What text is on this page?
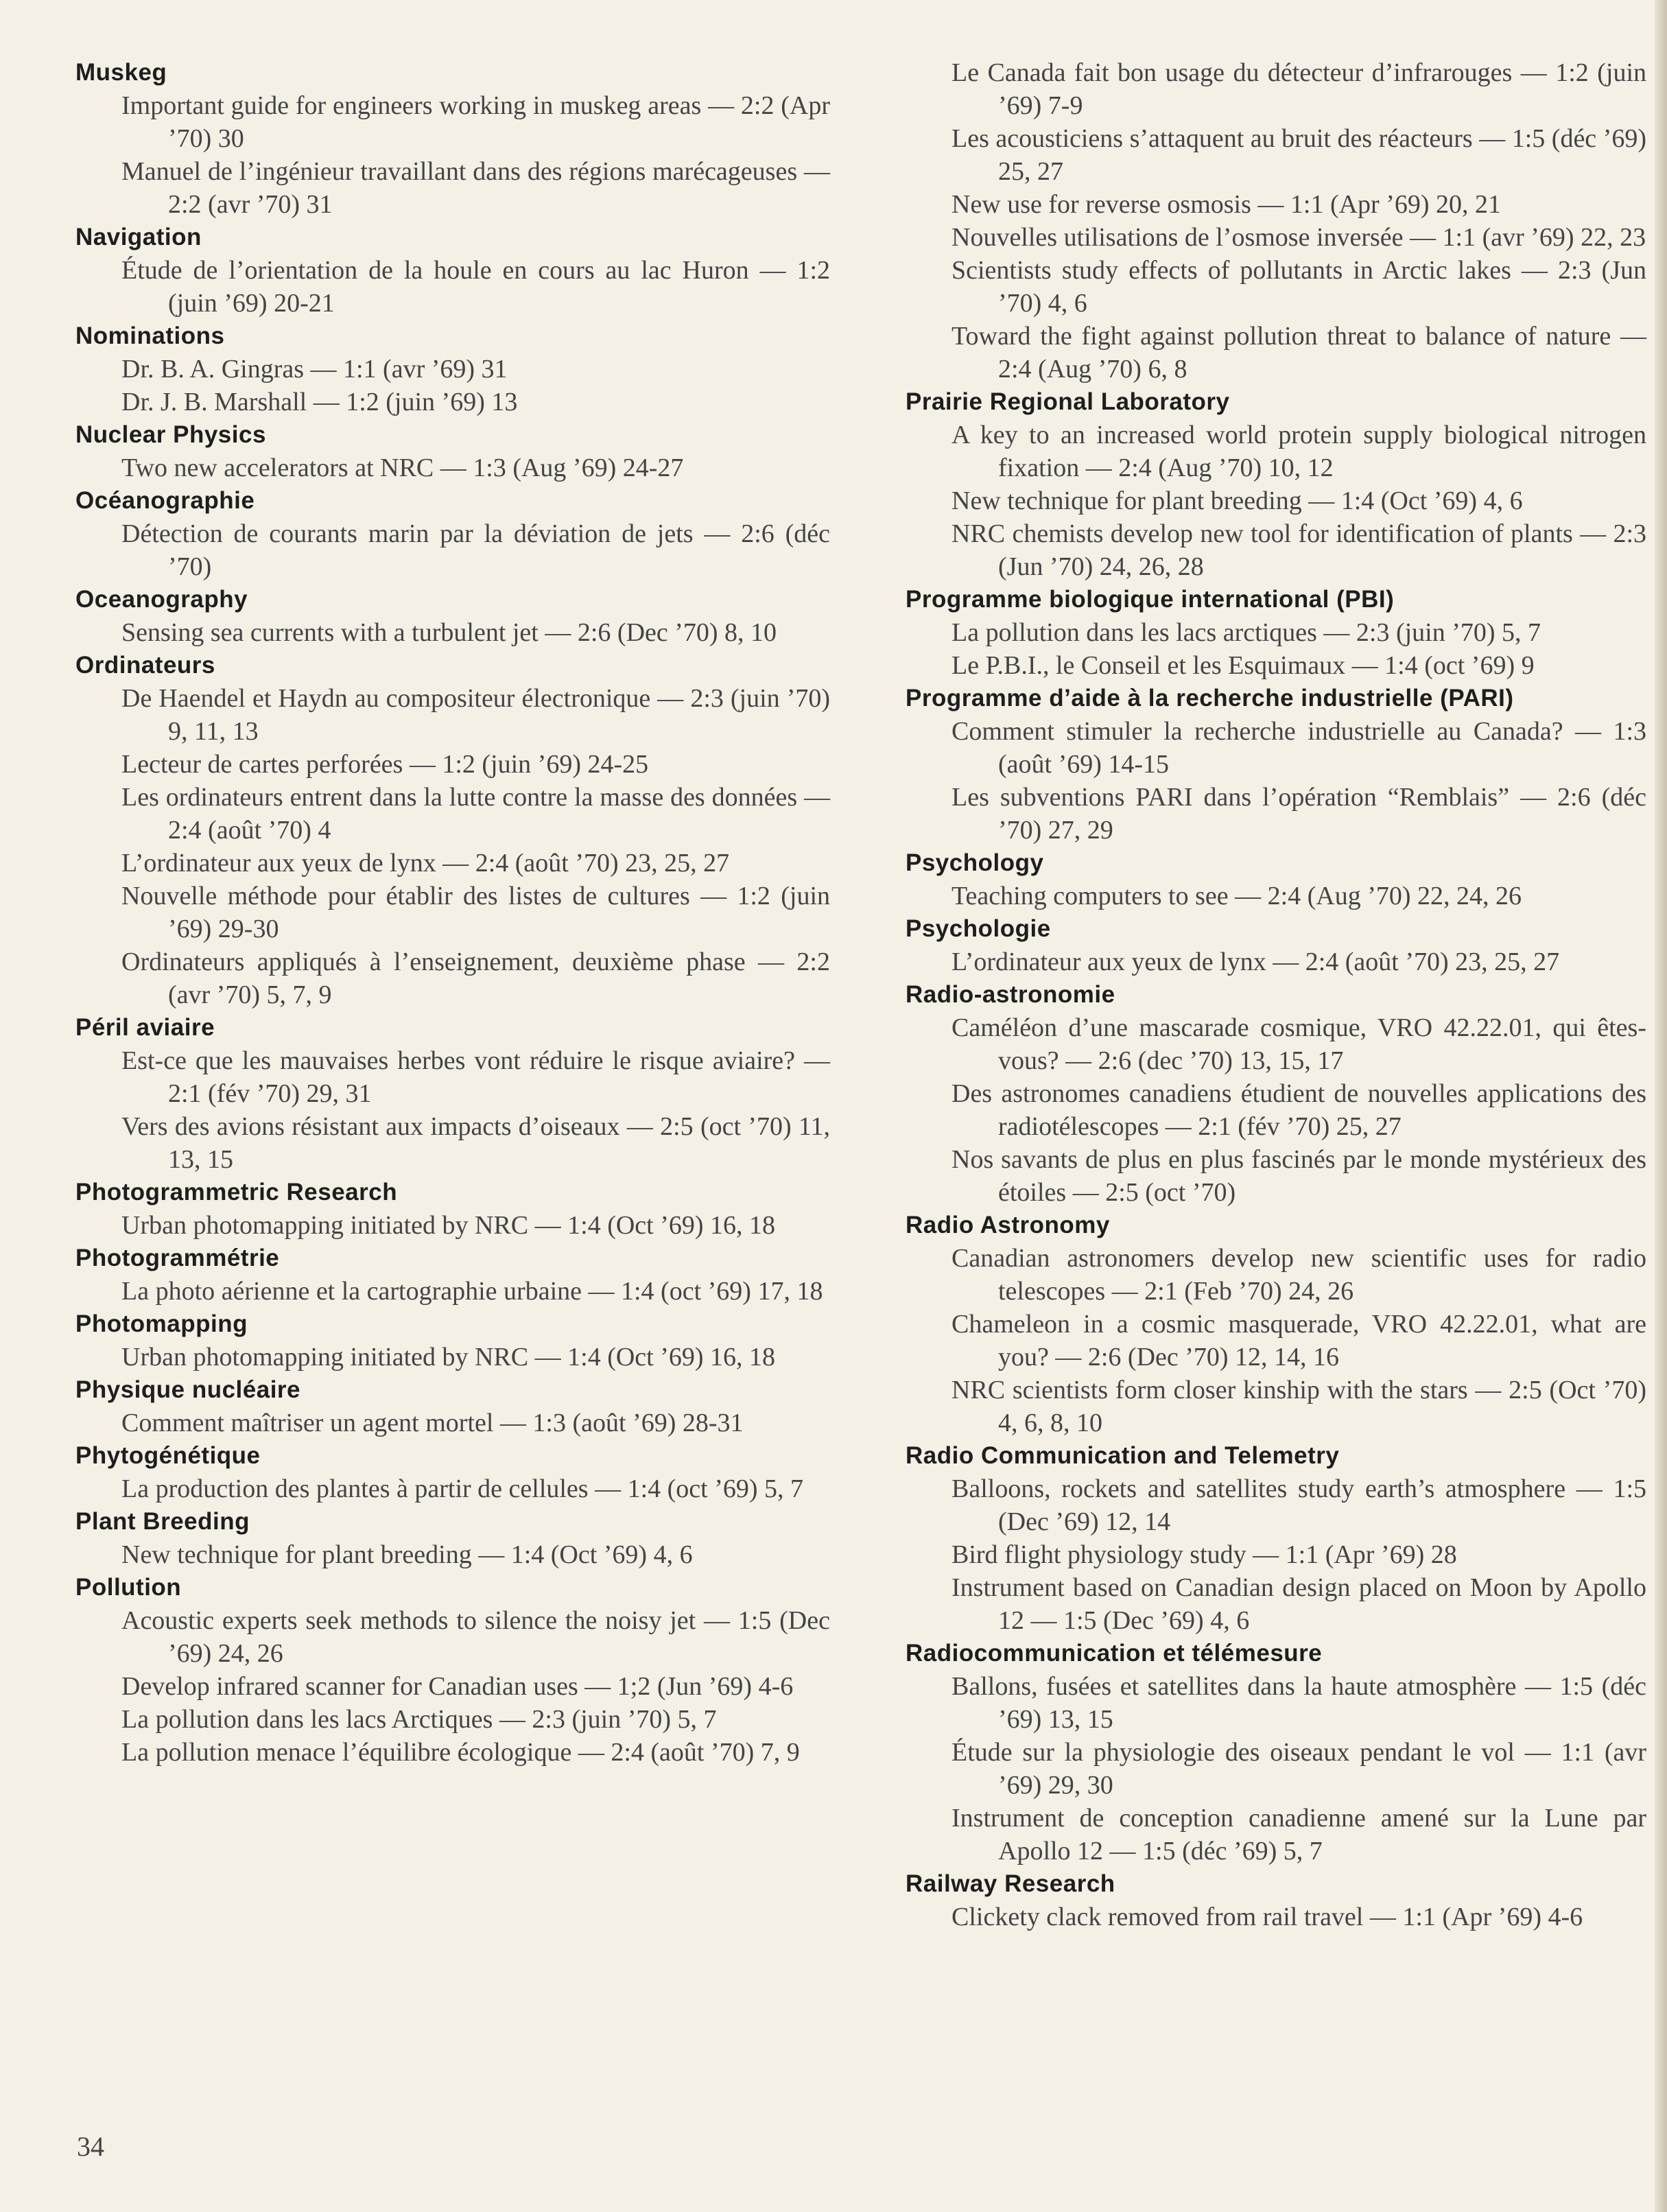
Muskeg
Important guide for engineers working in muskeg areas — 2:2 (Apr ’70) 30
Manuel de l’ingénieur travaillant dans des régions marécageuses — 2:2 (avr ’70) 31
Navigation
Étude de l’orientation de la houle en cours au lac Huron — 1:2 (juin ’69) 20-21
Nominations
Dr. B. A. Gingras — 1:1 (avr ’69) 31
Dr. J. B. Marshall — 1:2 (juin ’69) 13
Nuclear Physics
Two new accelerators at NRC — 1:3 (Aug ’69) 24-27
Océanographie
Détection de courants marin par la déviation de jets — 2:6 (déc ’70)
Oceanography
Sensing sea currents with a turbulent jet — 2:6 (Dec ’70) 8, 10
Ordinateurs
De Haendel et Haydn au compositeur électronique — 2:3 (juin ’70) 9, 11, 13
Lecteur de cartes perforées — 1:2 (juin ’69) 24-25
Les ordinateurs entrent dans la lutte contre la masse des données — 2:4 (août ’70) 4
L’ordinateur aux yeux de lynx — 2:4 (août ’70) 23, 25, 27
Nouvelle méthode pour établir des listes de cultures — 1:2 (juin ’69) 29-30
Ordinateurs appliqués à l’enseignement, deuxième phase — 2:2 (avr ’70) 5, 7, 9
Péril aviaire
Est-ce que les mauvaises herbes vont réduire le risque aviaire? — 2:1 (fév ’70) 29, 31
Vers des avions résistant aux impacts d’oiseaux — 2:5 (oct ’70) 11, 13, 15
Photogrammetric Research
Urban photomapping initiated by NRC — 1:4 (Oct ’69) 16, 18
Photogrammétrie
La photo aérienne et la cartographie urbaine — 1:4 (oct ’69) 17, 18
Photomapping
Urban photomapping initiated by NRC — 1:4 (Oct ’69) 16, 18
Physique nucléaire
Comment maîtriser un agent mortel — 1:3 (août ’69) 28-31
Phytogénétique
La production des plantes à partir de cellules — 1:4 (oct ’69) 5, 7
Plant Breeding
New technique for plant breeding — 1:4 (Oct ’69) 4, 6
Pollution
Acoustic experts seek methods to silence the noisy jet — 1:5 (Dec ’69) 24, 26
Develop infrared scanner for Canadian uses — 1;2 (Jun ’69) 4-6
La pollution dans les lacs Arctiques — 2:3 (juin ’70) 5, 7
La pollution menace l’équilibre écologique — 2:4 (août ’70) 7, 9
Le Canada fait bon usage du détecteur d’infrarouges — 1:2 (juin ’69) 7-9
Les acousticiens s’attaquent au bruit des réacteurs — 1:5 (déc ’69) 25, 27
New use for reverse osmosis — 1:1 (Apr ’69) 20, 21
Nouvelles utilisations de l’osmose inversée — 1:1 (avr ’69) 22, 23
Scientists study effects of pollutants in Arctic lakes — 2:3 (Jun ’70) 4, 6
Toward the fight against pollution threat to balance of nature — 2:4 (Aug ’70) 6, 8
Prairie Regional Laboratory
A key to an increased world protein supply biological nitrogen fixation — 2:4 (Aug ’70) 10, 12
New technique for plant breeding — 1:4 (Oct ’69) 4, 6
NRC chemists develop new tool for identification of plants — 2:3 (Jun ’70) 24, 26, 28
Programme biologique international (PBI)
La pollution dans les lacs arctiques — 2:3 (juin ’70) 5, 7
Le P.B.I., le Conseil et les Esquimaux — 1:4 (oct ’69) 9
Programme d’aide à la recherche industrielle (PARI)
Comment stimuler la recherche industrielle au Canada? — 1:3 (août ’69) 14-15
Les subventions PARI dans l’opération “Remblais” — 2:6 (déc ’70) 27, 29
Psychology
Teaching computers to see — 2:4 (Aug ’70) 22, 24, 26
Psychologie
L’ordinateur aux yeux de lynx — 2:4 (août ’70) 23, 25, 27
Radio-astronomie
Caméléon d’une mascarade cosmique, VRO 42.22.01, qui êtes-vous? — 2:6 (dec ’70) 13, 15, 17
Des astronomes canadiens étudient de nouvelles applications des radiotélescopes — 2:1 (fév ’70) 25, 27
Nos savants de plus en plus fascinés par le monde mystérieux des étoiles — 2:5 (oct ’70)
Radio Astronomy
Canadian astronomers develop new scientific uses for radio telescopes — 2:1 (Feb ’70) 24, 26
Chameleon in a cosmic masquerade, VRO 42.22.01, what are you? — 2:6 (Dec ’70) 12, 14, 16
NRC scientists form closer kinship with the stars — 2:5 (Oct ’70) 4, 6, 8, 10
Radio Communication and Telemetry
Balloons, rockets and satellites study earth’s atmosphere — 1:5 (Dec ’69) 12, 14
Bird flight physiology study — 1:1 (Apr ’69) 28
Instrument based on Canadian design placed on Moon by Apollo 12 — 1:5 (Dec ’69) 4, 6
Radiocommunication et télémesure
Ballons, fusées et satellites dans la haute atmosphère — 1:5 (déc ’69) 13, 15
Étude sur la physiologie des oiseaux pendant le vol — 1:1 (avr ’69) 29, 30
Instrument de conception canadienne amené sur la Lune par Apollo 12 — 1:5 (déc ’69) 5, 7
Railway Research
Clickety clack removed from rail travel — 1:1 (Apr ’69) 4-6
34
